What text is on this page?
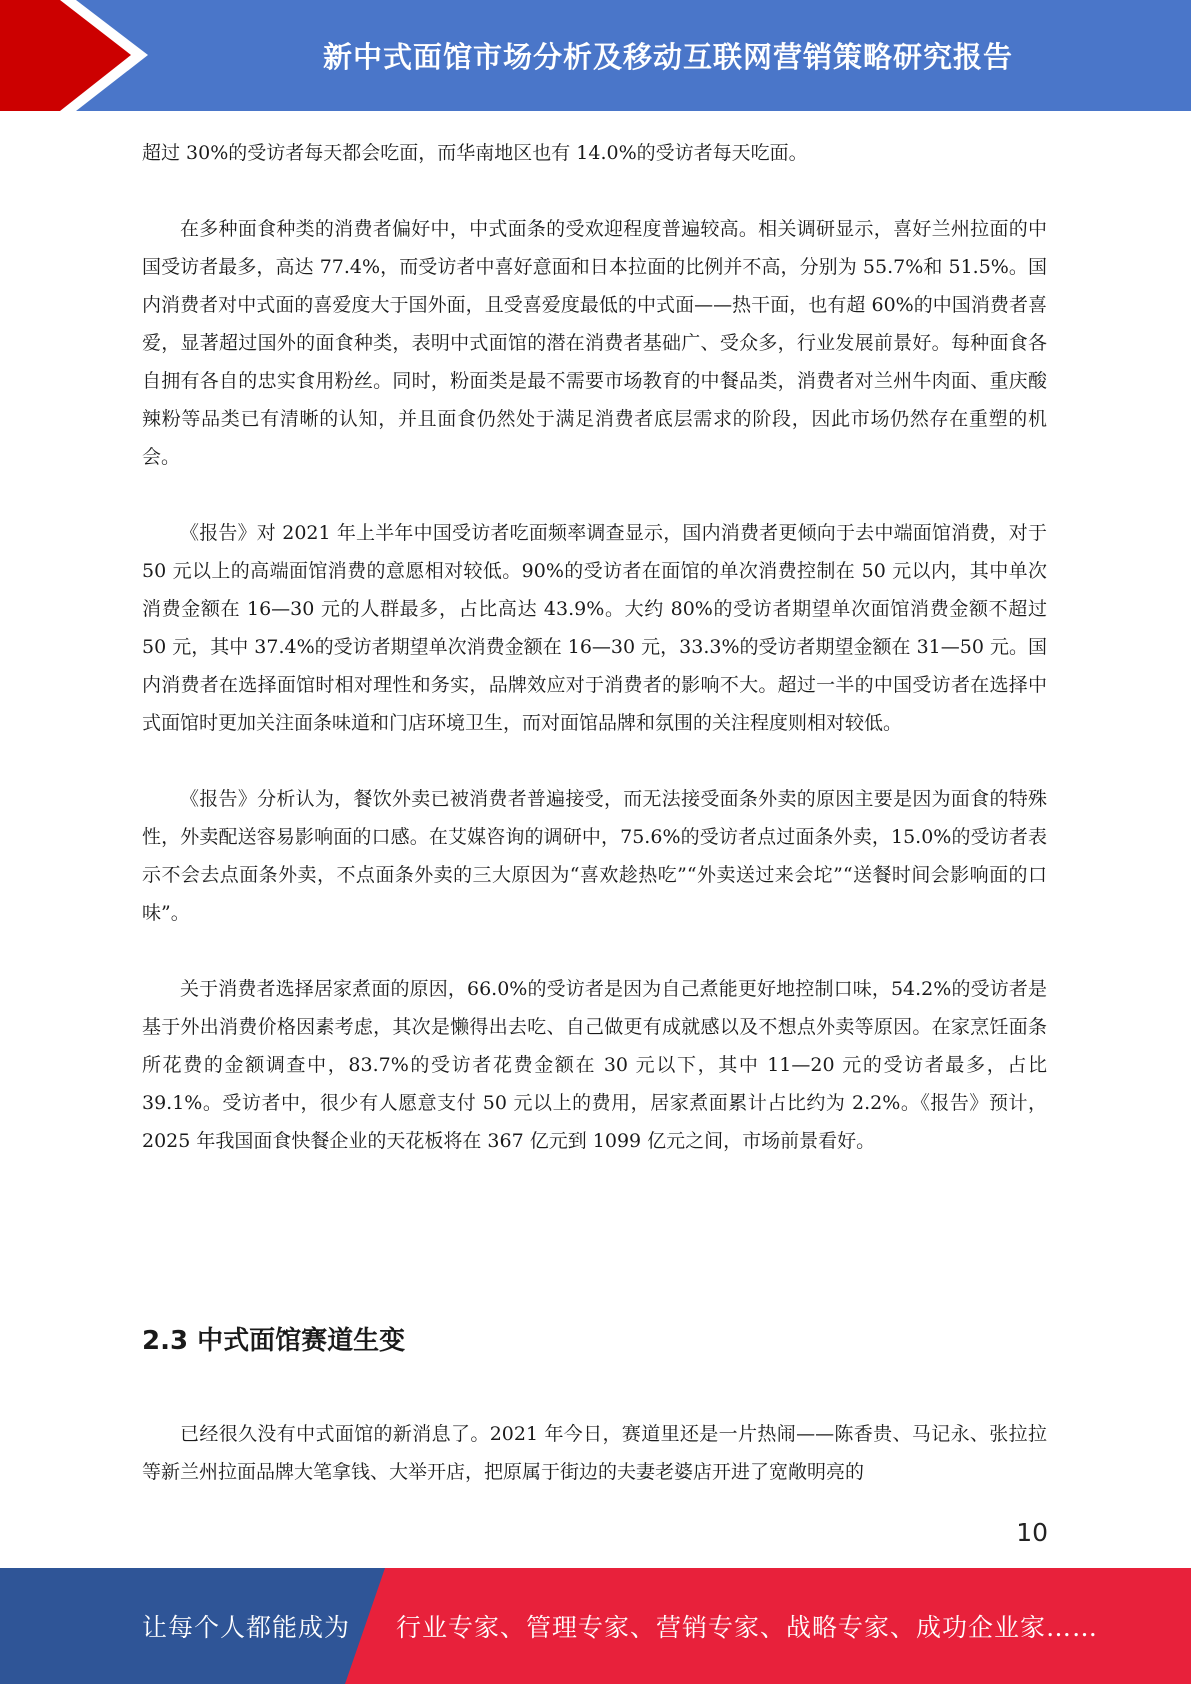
新中式面馆市场分析及移动互联网营销策略研究报告

超过 30%的受访者每天都会吃面，而华南地区也有 14.0%的受访者每天吃面。

在多种面食种类的消费者偏好中，中式面条的受欢迎程度普遍较高。相关调研显示，喜好兰州拉面的中国受访者最多，高达 77.4%，而受访者中喜好意面和日本拉面的比例并不高，分别为 55.7%和 51.5%。国内消费者对中式面的喜爱度大于国外面，且受喜爱度最低的中式面——热干面，也有超 60%的中国消费者喜爱，显著超过国外的面食种类，表明中式面馆的潜在消费者基础广、受众多，行业发展前景好。每种面食各自拥有各自的忠实食用粉丝。同时，粉面类是最不需要市场教育的中餐品类，消费者对兰州牛肉面、重庆酸辣粉等品类已有清晰的认知，并且面食仍然处于满足消费者底层需求的阶段，因此市场仍然存在重塑的机会。

《报告》对 2021 年上半年中国受访者吃面频率调查显示，国内消费者更倾向于去中端面馆消费，对于 50 元以上的高端面馆消费的意愿相对较低。90%的受访者在面馆的单次消费控制在 50 元以内，其中单次消费金额在 16—30 元的人群最多，占比高达 43.9%。大约 80%的受访者期望单次面馆消费金额不超过 50 元，其中 37.4%的受访者期望单次消费金额在 16—30 元，33.3%的受访者期望金额在 31—50 元。国内消费者在选择面馆时相对理性和务实，品牌效应对于消费者的影响不大。超过一半的中国受访者在选择中式面馆时更加关注面条味道和门店环境卫生，而对面馆品牌和氛围的关注程度则相对较低。

《报告》分析认为，餐饮外卖已被消费者普遍接受，而无法接受面条外卖的原因主要是因为面食的特殊性，外卖配送容易影响面的口感。在艾媒咨询的调研中，75.6%的受访者点过面条外卖，15.0%的受访者表示不会去点面条外卖，不点面条外卖的三大原因为“喜欢趁热吃”“外卖送过来会坨”“送餐时间会影响面的口味”。

关于消费者选择居家煮面的原因，66.0%的受访者是因为自己煮能更好地控制口味，54.2%的受访者是基于外出消费价格因素考虑，其次是懒得出去吃、自己做更有成就感以及不想点外卖等原因。在家烹饪面条所花费的金额调查中，83.7%的受访者花费金额在 30 元以下，其中 11—20 元的受访者最多，占比 39.1%。受访者中，很少有人愿意支付 50 元以上的费用，居家煮面累计占比约为 2.2%。《报告》预计，2025 年我国面食快餐企业的天花板将在 367 亿元到 1099 亿元之间，市场前景看好。

2.3 中式面馆赛道生变

已经很久没有中式面馆的新消息了。2021 年今日，赛道里还是一片热闹——陈香贵、马记永、张拉拉等新兰州拉面品牌大笔拿钱、大举开店，把原属于街边的夫妻老婆店开进了宽敞明亮的

10
让每个人都能成为 行业专家、管理专家、营销专家、战略专家、成功企业家……
